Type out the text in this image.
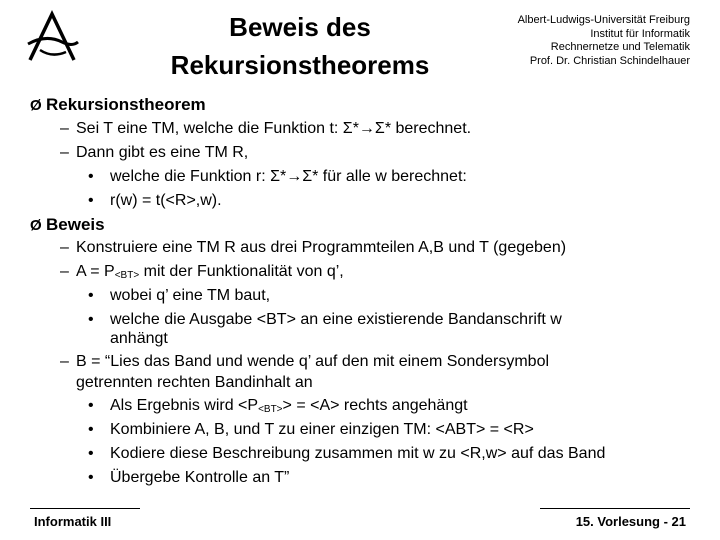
Beweis des
Rekursionstheorems
Albert-Ludwigs-Universität Freiburg
Institut für Informatik
Rechnernetze und Telematik
Prof. Dr. Christian Schindelhauer
Ø Rekursionstheorem
– Sei T eine TM, welche die Funktion t: Σ*→Σ* berechnet.
– Dann gibt es eine TM R,
• welche die Funktion r: Σ*→Σ* für alle w berechnet:
• r(w) = t(<R>,w).
Ø Beweis
– Konstruiere eine TM R aus drei Programmteilen A,B und T (gegeben)
– $A = P_{<BT>}$ mit der Funktionalität von q’,
• wobei q’ eine TM baut,
• welche die Ausgabe <BT> an eine existierende Bandanschrift w
anhängt
– B = “Lies das Band und wende q’ auf den mit einem Sondersymbol
getrennten rechten Bandinhalt an
• Als Ergebnis wird $<P_{<BT>}> = <A>$ rechts angehängt
• Kombiniere A, B, und T zu einer einzigen TM: <ABT> = <R>
• Kodiere diese Beschreibung zusammen mit w zu <R,w> auf das Band
• Übergebe Kontrolle an T”
Informatik III	15. Vorlesung - 21
